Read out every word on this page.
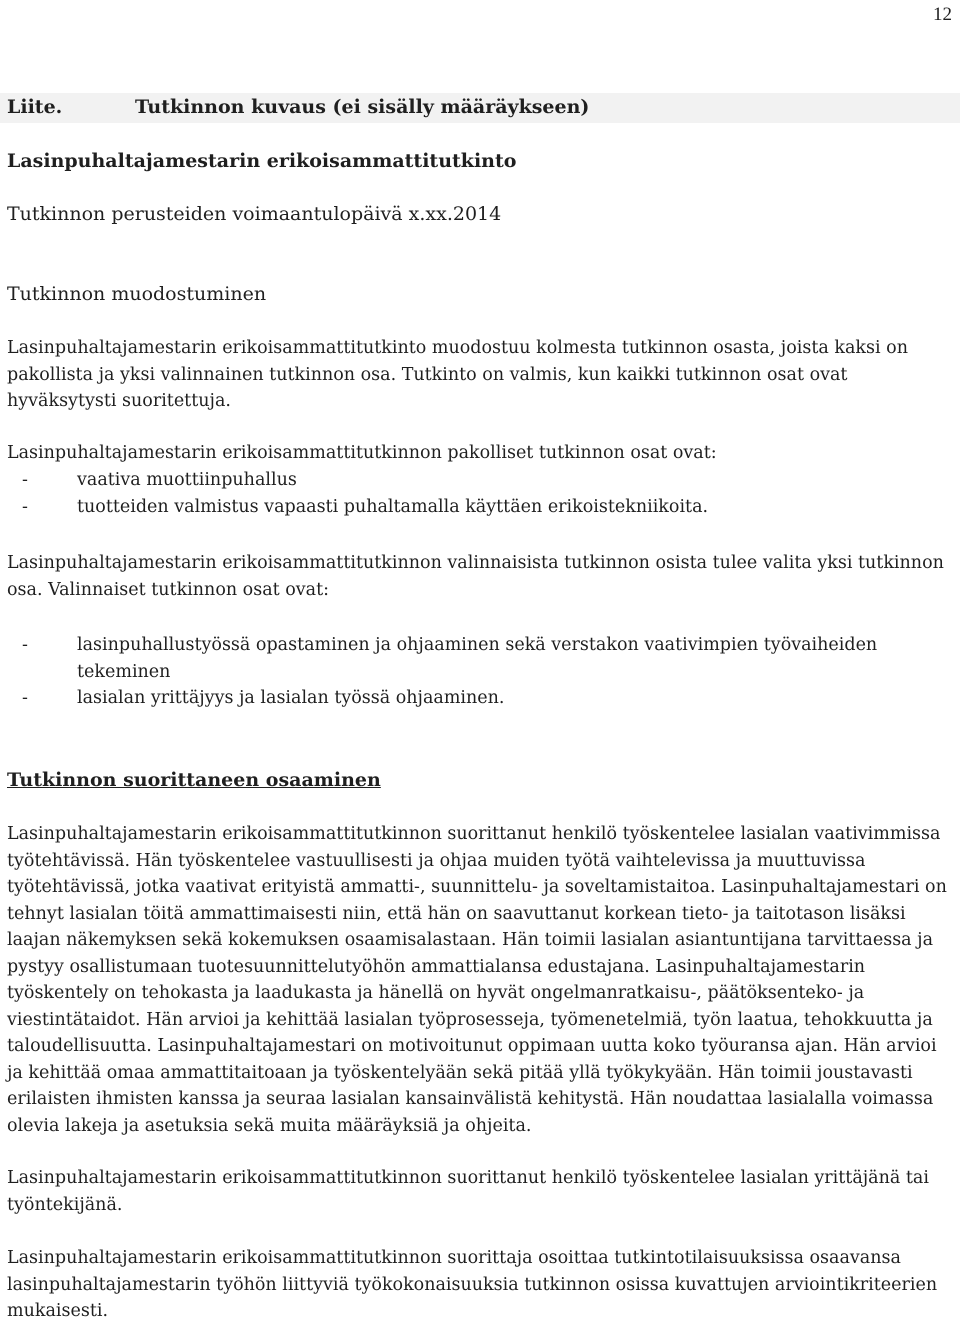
12
Liite.	Tutkinnon kuvaus (ei sisälly määräykseen)
Lasinpuhaltajamestarin erikoisammattitutkinto
Tutkinnon perusteiden voimaantulopäivä x.xx.2014
Tutkinnon muodostuminen

Lasinpuhaltajamestarin erikoisammattitutkinto muodostuu kolmesta tutkinnon osasta, joista kaksi on pakollista ja yksi valinnainen tutkinnon osa. Tutkinto on valmis, kun kaikki tutkinnon osat ovat hyväksytysti suoritettuja.

Lasinpuhaltajamestarin erikoisammattitutkinnon pakolliset tutkinnon osat ovat:

- vaativa muottiinpuhallus
- tuotteiden valmistus vapaasti puhaltamalla käyttäen erikoistekniikoita.

Lasinpuhaltajamestarin erikoisammattitutkinnon valinnaisista tutkinnon osista tulee valita yksi tutkinnon osa. Valinnaiset tutkinnon osat ovat:

- lasinpuhallustyössä opastaminen ja ohjaaminen sekä verstakon vaativimpien työvaiheiden tekeminen
- lasialan yrittäjyys ja lasialan työssä ohjaaminen.
Tutkinnon suorittaneen osaaminen

Lasinpuhaltajamestarin erikoisammattitutkinnon suorittanut henkilö työskentelee lasialan vaativimmissa työtehtävissä. Hän työskentelee vastuullisesti ja ohjaa muiden työtä vaihtelevissa ja muuttuvissa työtehtävissä, jotka vaativat erityistä ammatti-, suunnittelu- ja soveltamistaitoa. Lasinpuhaltajamestari on tehnyt lasialan töitä ammattimaisesti niin, että hän on saavuttanut korkean tieto- ja taitotason lisäksi laajan näkemyksen sekä kokemuksen osaamisalastaan. Hän toimii lasialan asiantuntijana tarvittaessa ja pystyy osallistumaan tuotesuunnittelutyöhön ammattialansa edustajana. Lasinpuhaltajamestarin työskentely on tehokasta ja laadukasta ja hänellä on hyvät ongelmanratkaisu-, päätöksenteko- ja viestintätaidot. Hän arvioi ja kehittää lasialan työprosesseja, työmenetelmiä, työn laatua, tehokkuutta ja taloudellisuutta. Lasinpuhaltajamestari on motivoitunut oppimaan uutta koko työuransa ajan. Hän arvioi ja kehittää omaa ammattitaitoaan ja työskentelyään sekä pitää yllä työkykyään. Hän toimii joustavasti erilaisten ihmisten kanssa ja seuraa lasialan kansainvälistä kehitystä. Hän noudattaa lasialalla voimassa olevia lakeja ja asetuksia sekä muita määräyksiä ja ohjeita.

Lasinpuhaltajamestarin erikoisammattitutkinnon suorittanut henkilö työskentelee lasialan yrittäjänä tai työntekijänä.

Lasinpuhaltajamestarin erikoisammattitutkinnon suorittaja osoittaa tutkintotilaisuuksissa osaavansa lasinpuhaltajamestarin työhön liittyviä työkokonaisuuksia tutkinnon osissa kuvattujen arviointikriteerien mukaisesti.
